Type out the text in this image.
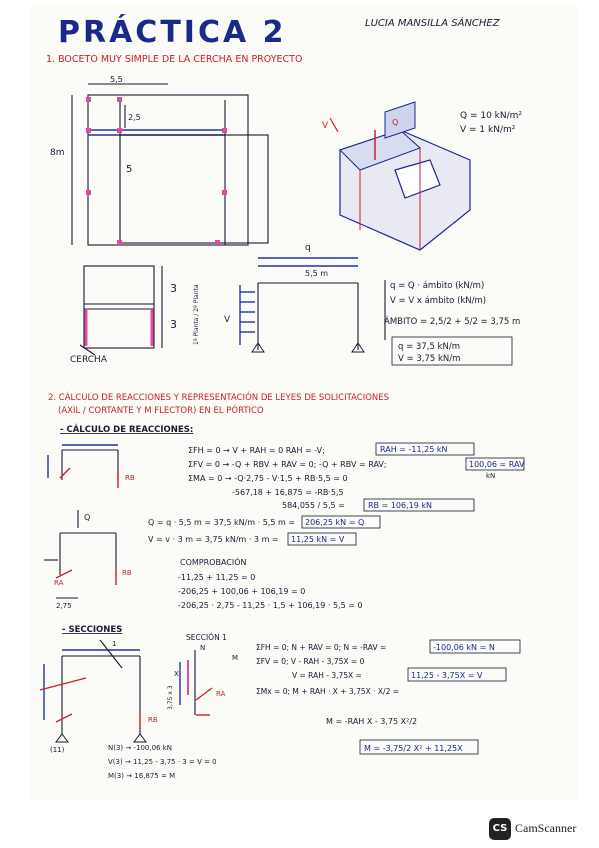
PRÁCTICA 2	LUCIA MANSILLA SÁNCHEZ
1. BOCETO MUY SIMPLE DE LA CERCHA EN PROYECTO
5,5
8m
2,5
5
3
3
CERCHA
1º Planta / 2º Planta
V	Q
Q = 10 kN/m²
V = 1 kN/m²
q
5,5 m
V
q = Q · ámbito (kN/m)
V = V x ámbito (kN/m)
ÁMBITO = 2,5/2 + 5/2 = 3,75 m
q = 37,5 kN/m
V = 3,75 kN/m
2. CÁLCULO DE REACCIONES Y REPRESENTACIÓN DE LEYES DE SOLICITACIONES
(AXIL / CORTANTE Y M FLECTOR) EN EL PÓRTICO
- CÁLCULO DE REACCIONES:
RB
ΣFH = 0 → V + RAH = 0 RAH = -V;	RAH = -11,25 kN
ΣFV = 0 → -Q + RBV + RAV = 0; -Q + RBV = RAV;	100,06 = RAV
kN
ΣMA = 0 → -Q·2,75 - V·1,5 + RB·5,5 = 0
-567,18 + 16,875 = -RB·5,5
584,055 / 5,5 =	RB = 106,19 kN
Q
RA
RB
2,75
Q = q · 5,5 m = 37,5 kN/m · 5,5 m = 206,25 kN = Q
V = v · 3 m = 3,75 kN/m · 3 m = 11,25 kN = V
COMPROBACIÓN
-11,25 + 11,25 = 0
-206,25 + 100,06 + 106,19 = 0
-206,25 · 2,75 - 11,25 · 1,5 + 106,19 · 5,5 = 0
- SECCIONES
1
RB
(11)
SECCIÓN 1
N
M
X
RA
3,75 x 3
ΣFH = 0; N + RAV = 0; N = -RAV =	-100,06 kN = N
ΣFV = 0; V - RAH - 3,75X = 0
V = RAH - 3,75X =	11,25 - 3,75X = V
ΣMx = 0; M + RAH · X + 3,75X · X/2 =
M = -RAH X - 3,75 X²/2
M = -3,75/2 X² + 11,25X
N(3) → -100,06 kN
V(3) → 11,25 - 3,75 · 3 = V = 0
M(3) → 16,875 = M
CS CamScanner
